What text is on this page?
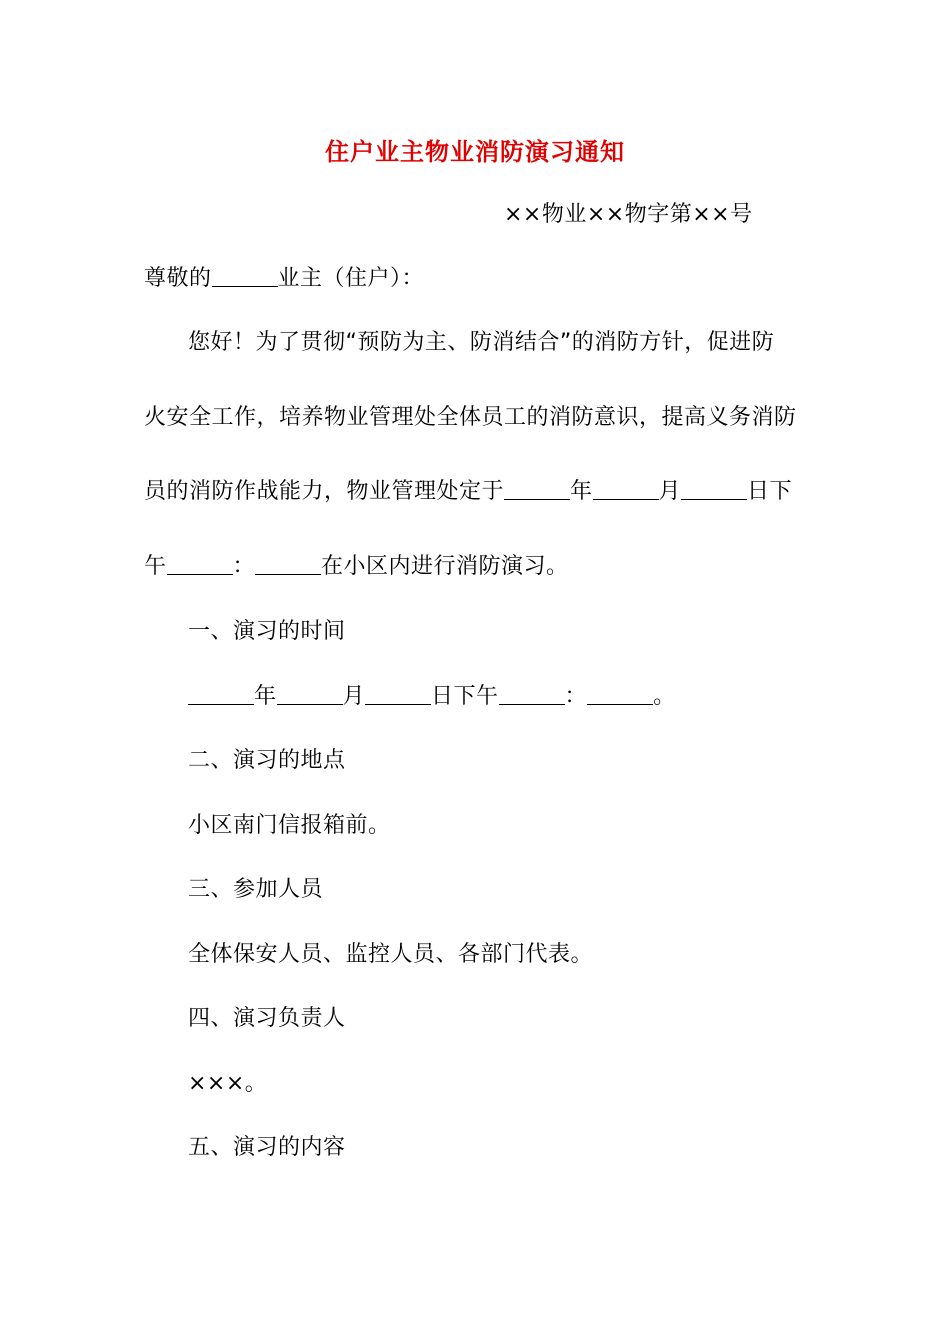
住户业主物业消防演习通知
××物业××物字第××号
尊敬的	业主（住户）：
您好！为了贯彻“预防为主、防消结合”的消防方针，促进防
火安全工作，培养物业管理处全体员工的消防意识，提高义务消防
员的消防作战能力，物业管理处定于	年	月	日下
午	：	在小区内进行消防演习。
一、演习的时间
年	月	日下午	：	。
二、演习的地点
小区南门信报箱前。
三、参加人员
全体保安人员、监控人员、各部门代表。
四、演习负责人
×××。
五、演习的内容
